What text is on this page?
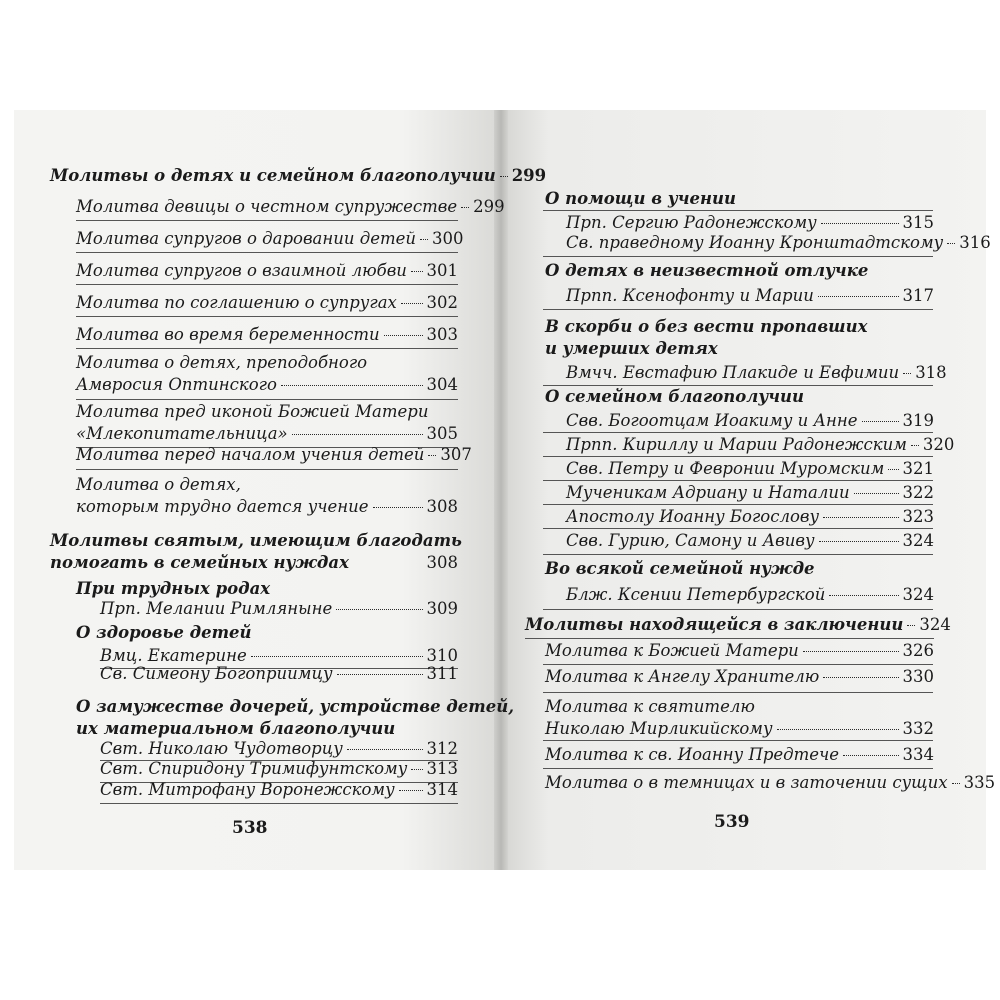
Молитвы о детях и семейном благополучии 299
Молитва девицы о честном супружестве 299
Молитва супругов о даровании детей 300
Молитва супругов о взаимной любви 301
Молитва по соглашению о супругах 302
Молитва во время беременности	303
Молитва о детях, преподобного
Амвросия Оптинского	304
Молитва пред иконой Божией Матери
«Млекопитательница»	305
Молитва перед началом учения детей 307
Молитва о детях,
которым трудно дается учение	308
Молитвы святым, имеющим благодать
помогать в семейных нуждах	308
При трудных родах
Прп. Мелании Римляныне	309
О здоровье детей
Вмц. Екатерине	310
Св. Симеону Богоприимцу	311
О замужестве дочерей, устройстве детей,
их материальном благополучии
Свт. Николаю Чудотворцу	312
Свт. Спиридону Тримифунтскому 313
Свт. Митрофану Воронежскому 314
538
О помощи в учении
Прп. Сергию Радонежскому	315
Св. праведному Иоанну Кронштадтскому 316
О детях в неизвестной отлучке
Прпп. Ксенофонту и Марии	317
В скорби о без вести пропавших
и умерших детях
Вмчч. Евстафию Плакиде и Евфимии 318
О семейном благополучии
Свв. Богоотцам Иоакиму и Анне	319
Прпп. Кириллу и Марии Радонежским 320
Свв. Петру и Февронии Муромским 321
Мученикам Адриану и Наталии	322
Апостолу Иоанну Богослову	323
Свв. Гурию, Самону и Авиву	324
Во всякой семейной нужде
Блж. Ксении Петербургской	324
Молитвы находящейся в заключении 324
Молитва к Божией Матери	326
Молитва к Ангелу Хранителю	330
Молитва к святителю
Николаю Мирликийскому	332
Молитва к св. Иоанну Предтече	334
Молитва о в темницах и в заточении сущих 335
539
